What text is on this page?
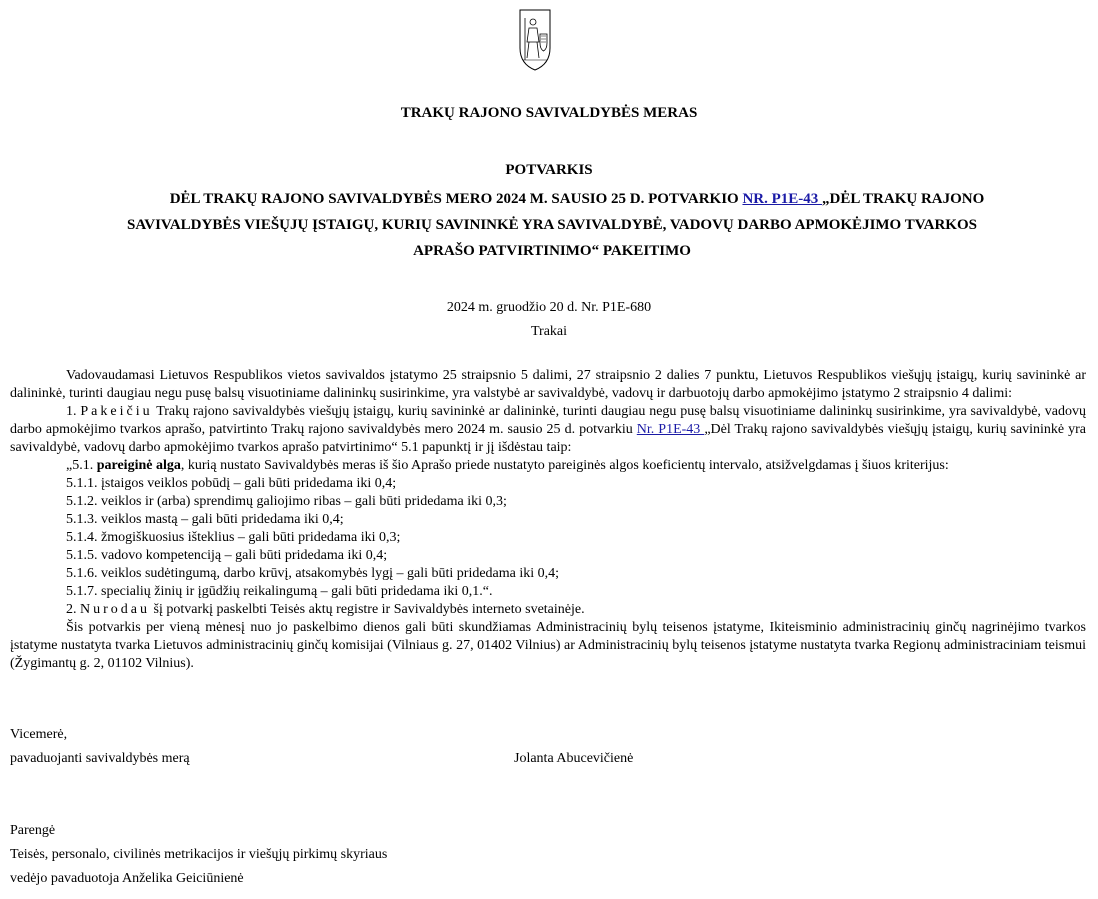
TRAKŲ RAJONO SAVIVALDYBĖS MERAS
POTVARKIS
DĖL TRAKŲ RAJONO SAVIVALDYBĖS MERO 2024 M. SAUSIO 25 D. POTVARKIO NR. P1E-43 „DĖL TRAKŲ RAJONO
SAVIVALDYBĖS VIEŠŲJŲ ĮSTAIGŲ, KURIŲ SAVININKĖ YRA SAVIVALDYBĖ, VADOVŲ DARBO APMOKĖJIMO TVARKOS
APRAŠO PATVIRTINIMO“ PAKEITIMO
2024 m. gruodžio 20 d. Nr. P1E-680
Trakai

Vadovaudamasi Lietuvos Respublikos vietos savivaldos įstatymo 25 straipsnio 5 dalimi, 27 straipsnio 2 dalies 7 punktu, Lietuvos Respublikos viešųjų įstaigų, kurių savininkė ar dalininkė, turinti daugiau negu pusę balsų visuotiniame dalininkų susirinkime, yra valstybė ar savivaldybė, vadovų ir darbuotojų darbo apmokėjimo įstatymo 2 straipsnio 4 dalimi:

1. Pakeičiu Trakų rajono savivaldybės viešųjų įstaigų, kurių savininkė ar dalininkė, turinti daugiau negu pusę balsų visuotiniame dalininkų susirinkime, yra savivaldybė, vadovų darbo apmokėjimo tvarkos aprašo, patvirtinto Trakų rajono savivaldybės mero 2024 m. sausio 25 d. potvarkiu Nr. P1E-43 „Dėl Trakų rajono savivaldybės viešųjų įstaigų, kurių savininkė yra savivaldybė, vadovų darbo apmokėjimo tvarkos aprašo patvirtinimo“ 5.1 papunktį ir jį išdėstau taip:

„5.1. pareiginė alga, kurią nustato Savivaldybės meras iš šio Aprašo priede nustatyto pareiginės algos koeficientų intervalo, atsižvelgdamas į šiuos kriterijus:

5.1.1. įstaigos veiklos pobūdį – gali būti pridedama iki 0,4;

5.1.2. veiklos ir (arba) sprendimų galiojimo ribas – gali būti pridedama iki 0,3;

5.1.3. veiklos mastą – gali būti pridedama iki 0,4;

5.1.4. žmogiškuosius išteklius – gali būti pridedama iki 0,3;

5.1.5. vadovo kompetenciją – gali būti pridedama iki 0,4;

5.1.6. veiklos sudėtingumą, darbo krūvį, atsakomybės lygį – gali būti pridedama iki 0,4;

5.1.7. specialių žinių ir įgūdžių reikalingumą – gali būti pridedama iki 0,1.“.

2. Nurodau šį potvarkį paskelbti Teisės aktų registre ir Savivaldybės interneto svetainėje.

Šis potvarkis per vieną mėnesį nuo jo paskelbimo dienos gali būti skundžiamas Administracinių bylų teisenos įstatyme, Ikiteisminio administracinių ginčų nagrinėjimo tvarkos įstatyme nustatyta tvarka Lietuvos administracinių ginčų komisijai (Vilniaus g. 27, 01402 Vilnius) ar Administracinių bylų teisenos įstatyme nustatyta tvarka Regionų administraciniam teismui (Žygimantų g. 2, 01102 Vilnius).

Vicemerė,
pavaduojanti savivaldybės merą	Jolanta Abucevičienė
Parengė
Teisės, personalo, civilinės metrikacijos ir viešųjų pirkimų skyriaus
vedėjo pavaduotoja Anželika Geiciūnienė
